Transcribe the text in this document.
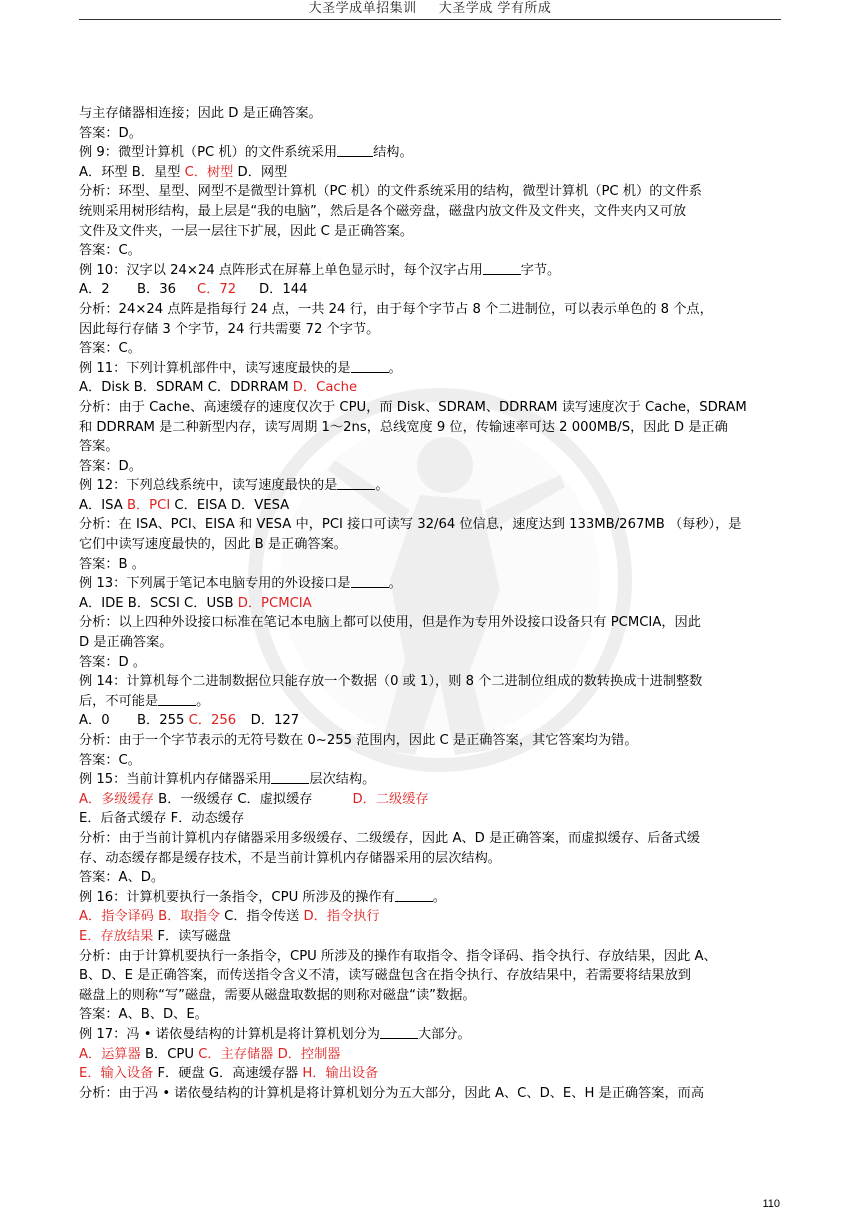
大圣学成单招集训 大圣学成 学有所成
与主存储器相连接；因此 D 是正确答案。
答案：D。
例 9：微型计算机（PC 机）的文件系统采用	结构。
A．环型 B．星型 C．树型 D．网型
分析：环型、星型、网型不是微型计算机（PC 机）的文件系统采用的结构，微型计算机（PC 机）的文件系
统则采用树形结构，最上层是“我的电脑”，然后是各个磁旁盘，磁盘内放文件及文件夹，文件夹内又可放
文件及文件夹，一层一层往下扩展，因此 C 是正确答案。
答案：C。
例 10：汉字以 24×24 点阵形式在屏幕上单色显示时，每个汉字占用	字节。
A．2 B．36 C．72 D．144
分析：24×24 点阵是指每行 24 点，一共 24 行，由于每个字节占 8 个二进制位，可以表示单色的 8 个点，
因此每行存储 3 个字节，24 行共需要 72 个字节。
答案：C。
例 11：下列计算机部件中，读写速度最快的是	。
A．Disk B．SDRAM C．DDRRAM D．Cache
分析：由于 Cache、高速缓存的速度仅次于 CPU，而 Disk、SDRAM、DDRRAM 读写速度次于 Cache，SDRAM
和 DDRRAM 是二种新型内存，读写周期 1～2ns，总线宽度 9 位，传输速率可达 2 000MB/S，因此 D 是正确
答案。
答案：D。
例 12：下列总线系统中，读写速度最快的是	。
A．ISA B．PCI C．EISA D．VESA
分析：在 ISA、PCI、EISA 和 VESA 中，PCI 接口可读写 32/64 位信息，速度达到 133MB/267MB （每秒），是
它们中读写速度最快的，因此 B 是正确答案。
答案：B 。
例 13：下列属于笔记本电脑专用的外设接口是	。
A．IDE B．SCSI C．USB D．PCMCIA
分析：以上四种外设接口标准在笔记本电脑上都可以使用，但是作为专用外设接口设备只有 PCMCIA，因此
D 是正确答案。
答案：D 。
例 14：计算机每个二进制数据位只能存放一个数据（0 或 1），则 8 个二进制位组成的数转换成十进制整数
后，不可能是	。
A．0 B．255 C．256 D．127
分析：由于一个字节表示的无符号数在 0~255 范围内，因此 C 是正确答案，其它答案均为错。
答案：C。
例 15：当前计算机内存储器采用	层次结构。
A．多级缓存 B．一级缓存 C．虚拟缓存	D．二级缓存
E．后备式缓存 F．动态缓存
分析：由于当前计算机内存储器采用多级缓存、二级缓存，因此 A、D 是正确答案，而虚拟缓存、后备式缓
存、动态缓存都是缓存技术，不是当前计算机内存储器采用的层次结构。
答案：A、D。
例 16：计算机要执行一条指令，CPU 所涉及的操作有	。
A．指令译码 B．取指令 C．指令传送 D．指令执行
E．存放结果 F．读写磁盘
分析：由于计算机要执行一条指令，CPU 所涉及的操作有取指令、指令译码、指令执行、存放结果，因此 A、
B、D、E 是正确答案，而传送指令含义不清，读写磁盘包含在指令执行、存放结果中，若需要将结果放到
磁盘上的则称“写”磁盘，需要从磁盘取数据的则称对磁盘“读”数据。
答案：A、B、D、E。
例 17：冯 • 诺依曼结构的计算机是将计算机划分为	大部分。
A．运算器 B．CPU C．主存储器 D．控制器
E．输入设备 F．硬盘 G．高速缓存器 H．输出设备
分析：由于冯 • 诺依曼结构的计算机是将计算机划分为五大部分，因此 A、C、D、E、H 是正确答案，而高
110
